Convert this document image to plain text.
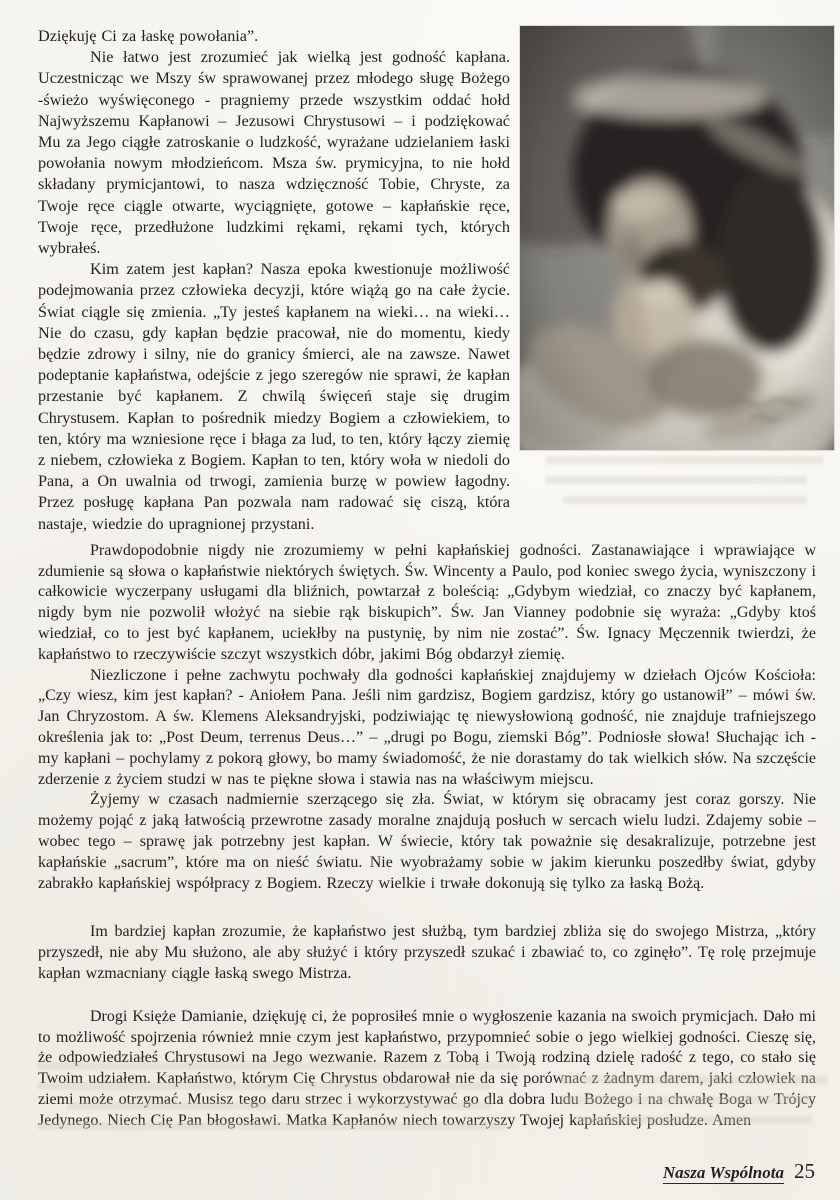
Dziękuję Ci za łaskę powołania”.

Nie łatwo jest zrozumieć jak wielką jest godność kapłana. Uczestnicząc we Mszy św sprawowanej przez młodego sługę Bożego -świeżo wyświęconego - pragniemy przede wszystkim oddać hołd Najwyższemu Kapłanowi – Jezusowi Chrystusowi – i podziękować Mu za Jego ciągłe zatroskanie o ludzkość, wyrażane udzielaniem łaski powołania nowym młodzieńcom. Msza św. prymicyjna, to nie hołd składany prymicjantowi, to nasza wdzięczność Tobie, Chryste, za Twoje ręce ciągle otwarte, wyciągnięte, gotowe – kapłańskie ręce, Twoje ręce, przedłużone ludzkimi rękami, rękami tych, których wybrałeś.

Kim zatem jest kapłan? Nasza epoka kwestionuje możliwość podejmowania przez człowieka decyzji, które wiążą go na całe życie. Świat ciągle się zmienia. „Ty jesteś kapłanem na wieki… na wieki… Nie do czasu, gdy kapłan będzie pracował, nie do momentu, kiedy będzie zdrowy i silny, nie do granicy śmierci, ale na zawsze. Nawet podeptanie kapłaństwa, odejście z jego szeregów nie sprawi, że kapłan przestanie być kapłanem. Z chwilą święceń staje się drugim Chrystusem. Kapłan to pośrednik miedzy Bogiem a człowiekiem, to ten, który ma wzniesione ręce i błaga za lud, to ten, który łączy ziemię z niebem, człowieka z Bogiem. Kapłan to ten, który woła w niedoli do Pana, a On uwalnia od trwogi, zamienia burzę w powiew łagodny. Przez posługę kapłana Pan pozwala nam radować się ciszą, która nastaje, wiedzie do upragnionej przystani.

Prawdopodobnie nigdy nie zrozumiemy w pełni kapłańskiej godności. Zastanawiające i wprawiające w zdumienie są słowa o kapłaństwie niektórych świętych. Św. Wincenty a Paulo, pod koniec swego życia, wyniszczony i całkowicie wyczerpany usługami dla bliźnich, powtarzał z boleścią: „Gdybym wiedział, co znaczy być kapłanem, nigdy bym nie pozwolił włożyć na siebie rąk biskupich”. Św. Jan Vianney podobnie się wyraża: „Gdyby ktoś wiedział, co to jest być kapłanem, uciekłby na pustynię, by nim nie zostać”. Św. Ignacy Męczennik twierdzi, że kapłaństwo to rzeczywiście szczyt wszystkich dóbr, jakimi Bóg obdarzył ziemię.

Niezliczone i pełne zachwytu pochwały dla godności kapłańskiej znajdujemy w dziełach Ojców Kościoła: „Czy wiesz, kim jest kapłan? - Aniołem Pana. Jeśli nim gardzisz, Bogiem gardzisz, który go ustanowił” – mówi św. Jan Chryzostom. A św. Klemens Aleksandryjski, podziwiając tę niewysłowioną godność, nie znajduje trafniejszego określenia jak to: „Post Deum, terrenus Deus…” – „drugi po Bogu, ziemski Bóg”. Podniosłe słowa! Słuchając ich - my kapłani – pochylamy z pokorą głowy, bo mamy świadomość, że nie dorastamy do tak wielkich słów. Na szczęście zderzenie z życiem studzi w nas te piękne słowa i stawia nas na właściwym miejscu.

Żyjemy w czasach nadmiernie szerzącego się zła. Świat, w którym się obracamy jest coraz gorszy. Nie możemy pojąć z jaką łatwością przewrotne zasady moralne znajdują posłuch w sercach wielu ludzi. Zdajemy sobie – wobec tego – sprawę jak potrzebny jest kapłan. W świecie, który tak poważnie się desakralizuje, potrzebne jest kapłańskie „sacrum”, które ma on nieść światu. Nie wyobrażamy sobie w jakim kierunku poszedłby świat, gdyby zabrakło kapłańskiej współpracy z Bogiem. Rzeczy wielkie i trwałe dokonują się tylko za łaską Bożą.

Im bardziej kapłan zrozumie, że kapłaństwo jest służbą, tym bardziej zbliża się do swojego Mistrza, „który przyszedł, nie aby Mu służono, ale aby służyć i który przyszedł szukać i zbawiać to, co zginęło”. Tę rolę przejmuje kapłan wzmacniany ciągle łaską swego Mistrza.

Drogi Księże Damianie, dziękuję ci, że poprosiłeś mnie o wygłoszenie kazania na swoich prymicjach. Dało mi to możliwość spojrzenia również mnie czym jest kapłaństwo, przypomnieć sobie o jego wielkiej godności. Cieszę się, że odpowiedziałeś Chrystusowi na Jego wezwanie. Razem z Tobą i Twoją rodziną dzielę radość z tego, co stało się Twoim udziałem. Kapłaństwo, którym Cię Chrystus obdarował nie da się porównać z żadnym darem, jaki człowiek na ziemi może otrzymać. Musisz tego daru strzec i wykorzystywać go dla dobra ludu Bożego i na chwałę Boga w Trójcy Jedynego. Niech Cię Pan błogosławi. Matka Kapłanów niech towarzyszy Twojej kapłańskiej posłudze. Amen

Nasza Wspólnota 25
